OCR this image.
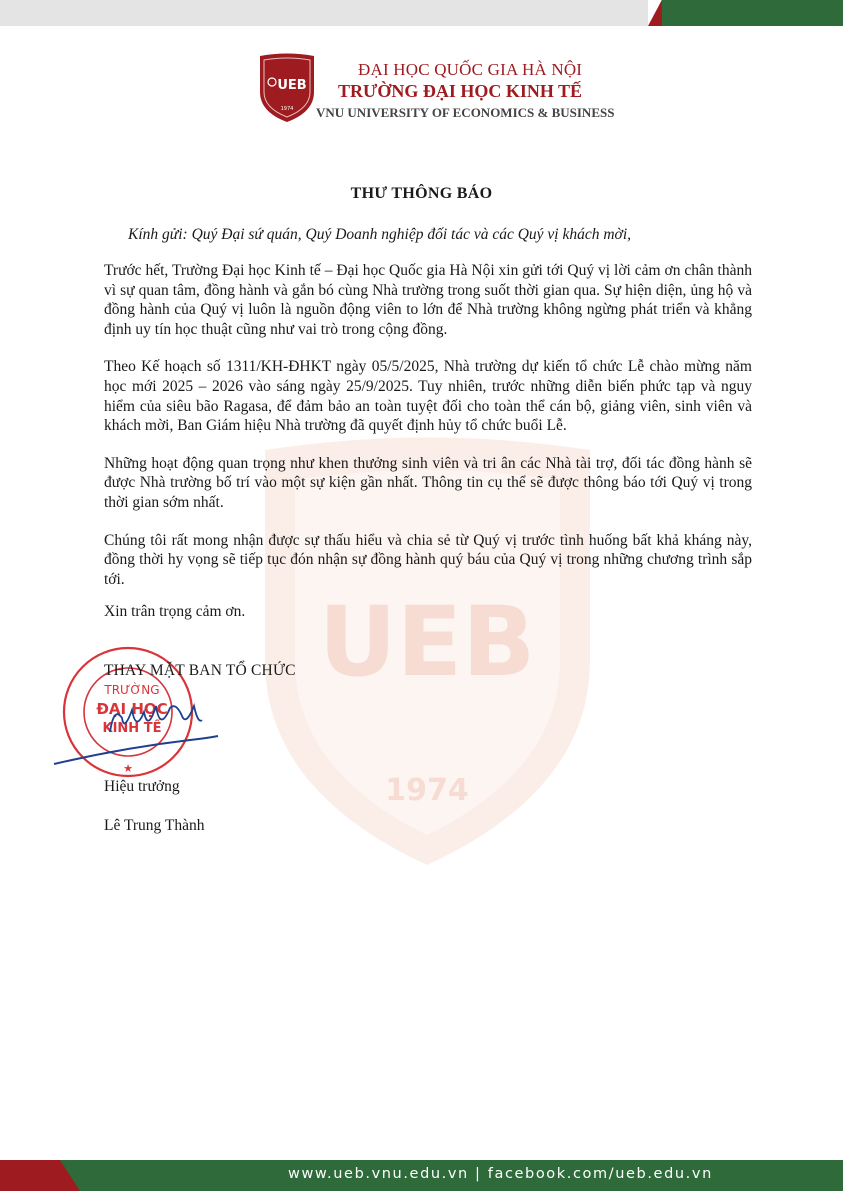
UEB
1974
UEB
1974
ĐẠI HỌC QUỐC GIA HÀ NỘI
TRƯỜNG ĐẠI HỌC KINH TẾ
VNU UNIVERSITY OF ECONOMICS & BUSINESS
THƯ THÔNG BÁO
Kính gửi: Quý Đại sứ quán, Quý Doanh nghiệp đối tác và các Quý vị khách mời,

Trước hết, Trường Đại học Kinh tế – Đại học Quốc gia Hà Nội xin gửi tới Quý vị lời cảm ơn chân thành vì sự quan tâm, đồng hành và gắn bó cùng Nhà trường trong suốt thời gian qua. Sự hiện diện, ủng hộ và đồng hành của Quý vị luôn là nguồn động viên to lớn để Nhà trường không ngừng phát triển và khẳng định uy tín học thuật cũng như vai trò trong cộng đồng.

Theo Kế hoạch số 1311/KH-ĐHKT ngày 05/5/2025, Nhà trường dự kiến tổ chức Lễ chào mừng năm học mới 2025 – 2026 vào sáng ngày 25/9/2025. Tuy nhiên, trước những diễn biến phức tạp và nguy hiểm của siêu bão Ragasa, để đảm bảo an toàn tuyệt đối cho toàn thể cán bộ, giảng viên, sinh viên và khách mời, Ban Giám hiệu Nhà trường đã quyết định hủy tổ chức buổi Lễ.

Những hoạt động quan trọng như khen thưởng sinh viên và tri ân các Nhà tài trợ, đối tác đồng hành sẽ được Nhà trường bố trí vào một sự kiện gần nhất. Thông tin cụ thể sẽ được thông báo tới Quý vị trong thời gian sớm nhất.

Chúng tôi rất mong nhận được sự thấu hiểu và chia sẻ từ Quý vị trước tình huống bất khả kháng này, đồng thời hy vọng sẽ tiếp tục đón nhận sự đồng hành quý báu của Quý vị trong những chương trình sắp tới.

Xin trân trọng cảm ơn.
TRƯỜNG
ĐẠI HỌC
KINH TẾ
★
THAY MẶT BAN TỔ CHỨC
Hiệu trưởng
Lê Trung Thành
www.ueb.vnu.edu.vn | facebook.com/ueb.edu.vn
